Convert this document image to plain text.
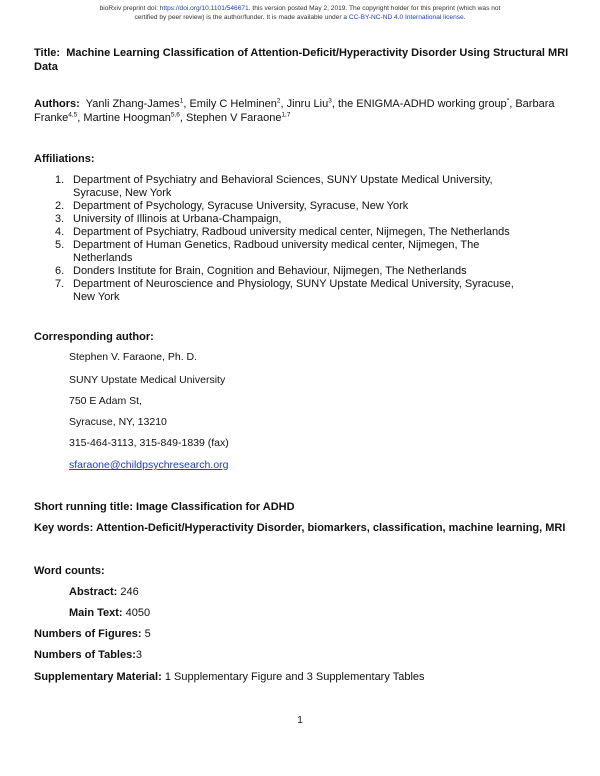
bioRxiv preprint doi: https://doi.org/10.1101/546671. this version posted May 2, 2019. The copyright holder for this preprint (which was not
certified by peer review) is the author/funder. It is made available under a CC-BY-NC-ND 4.0 International license.
Title: Machine Learning Classification of Attention-Deficit/Hyperactivity Disorder Using Structural MRI Data
Authors: Yanli Zhang-James$^1$, Emily C Helminen$^2$, Jinru Liu$^3$, the ENIGMA-ADHD working group*, Barbara Franke$^{4,5}$, Martine Hoogman$^{5,6}$, Stephen V Faraone$^{1,7}$
Affiliations:
1. Department of Psychiatry and Behavioral Sciences, SUNY Upstate Medical University,
Syracuse, New York
2. Department of Psychology, Syracuse University, Syracuse, New York
3. University of Illinois at Urbana-Champaign,
4. Department of Psychiatry, Radboud university medical center, Nijmegen, The Netherlands
5. Department of Human Genetics, Radboud university medical center, Nijmegen, The
Netherlands
6. Donders Institute for Brain, Cognition and Behaviour, Nijmegen, The Netherlands
7. Department of Neuroscience and Physiology, SUNY Upstate Medical University, Syracuse,
New York
Corresponding author:
Stephen V. Faraone, Ph. D.
SUNY Upstate Medical University
750 E Adam St,
Syracuse, NY, 13210
315-464-3113, 315-849-1839 (fax)
sfaraone@childpsychresearch.org
Short running title: Image Classification for ADHD
Key words: Attention-Deficit/Hyperactivity Disorder, biomarkers, classification, machine learning, MRI
Word counts:
Abstract: 246
Main Text: 4050
Numbers of Figures: 5
Numbers of Tables:3
Supplementary Material: 1 Supplementary Figure and 3 Supplementary Tables
1
